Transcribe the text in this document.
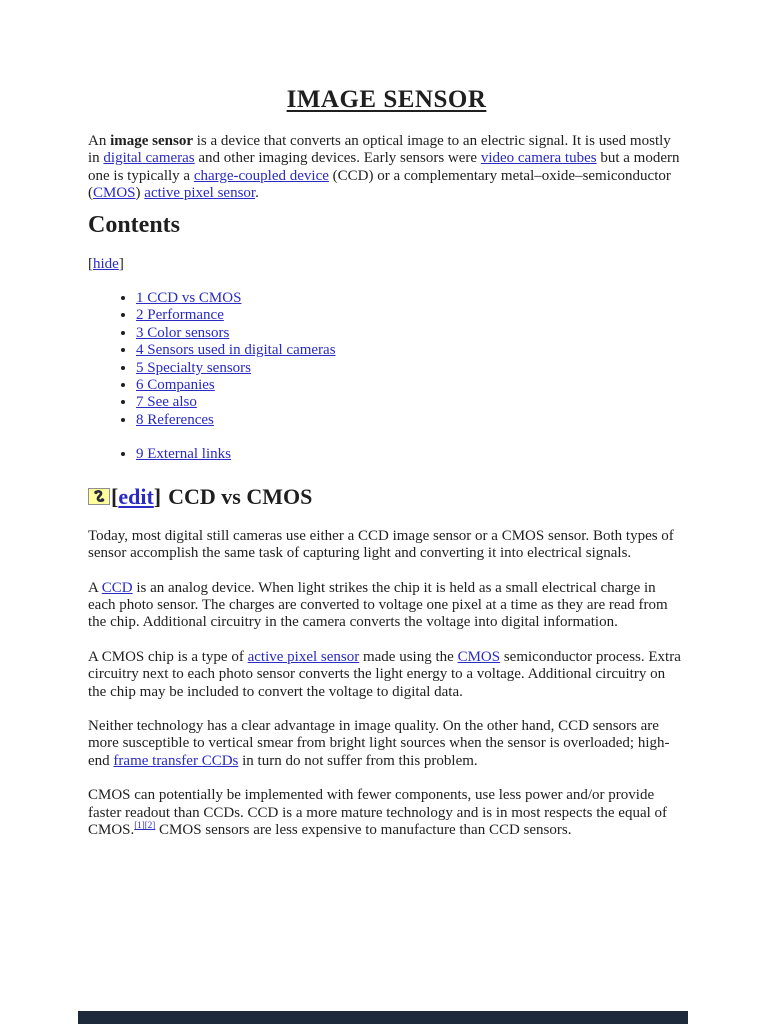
IMAGE SENSOR

An image sensor is a device that converts an optical image to an electric signal. It is used mostly in digital cameras and other imaging devices. Early sensors were video camera tubes but a modern one is typically a charge-coupled device (CCD) or a complementary metal–oxide–semiconductor (CMOS) active pixel sensor.

Contents
[hide]
• 1 CCD vs CMOS
• 2 Performance
• 3 Color sensors
• 4 Sensors used in digital cameras
• 5 Specialty sensors
• 6 Companies
• 7 See also
• 8 References
• 9 External links
[edit] CCD vs CMOS

Today, most digital still cameras use either a CCD image sensor or a CMOS sensor. Both types of sensor accomplish the same task of capturing light and converting it into electrical signals.

A CCD is an analog device. When light strikes the chip it is held as a small electrical charge in each photo sensor. The charges are converted to voltage one pixel at a time as they are read from the chip. Additional circuitry in the camera converts the voltage into digital information.

A CMOS chip is a type of active pixel sensor made using the CMOS semiconductor process. Extra circuitry next to each photo sensor converts the light energy to a voltage. Additional circuitry on the chip may be included to convert the voltage to digital data.

Neither technology has a clear advantage in image quality. On the other hand, CCD sensors are more susceptible to vertical smear from bright light sources when the sensor is overloaded; high-end frame transfer CCDs in turn do not suffer from this problem.

CMOS can potentially be implemented with fewer components, use less power and/or provide faster readout than CCDs. CCD is a more mature technology and is in most respects the equal of CMOS.[1][2] CMOS sensors are less expensive to manufacture than CCD sensors.
